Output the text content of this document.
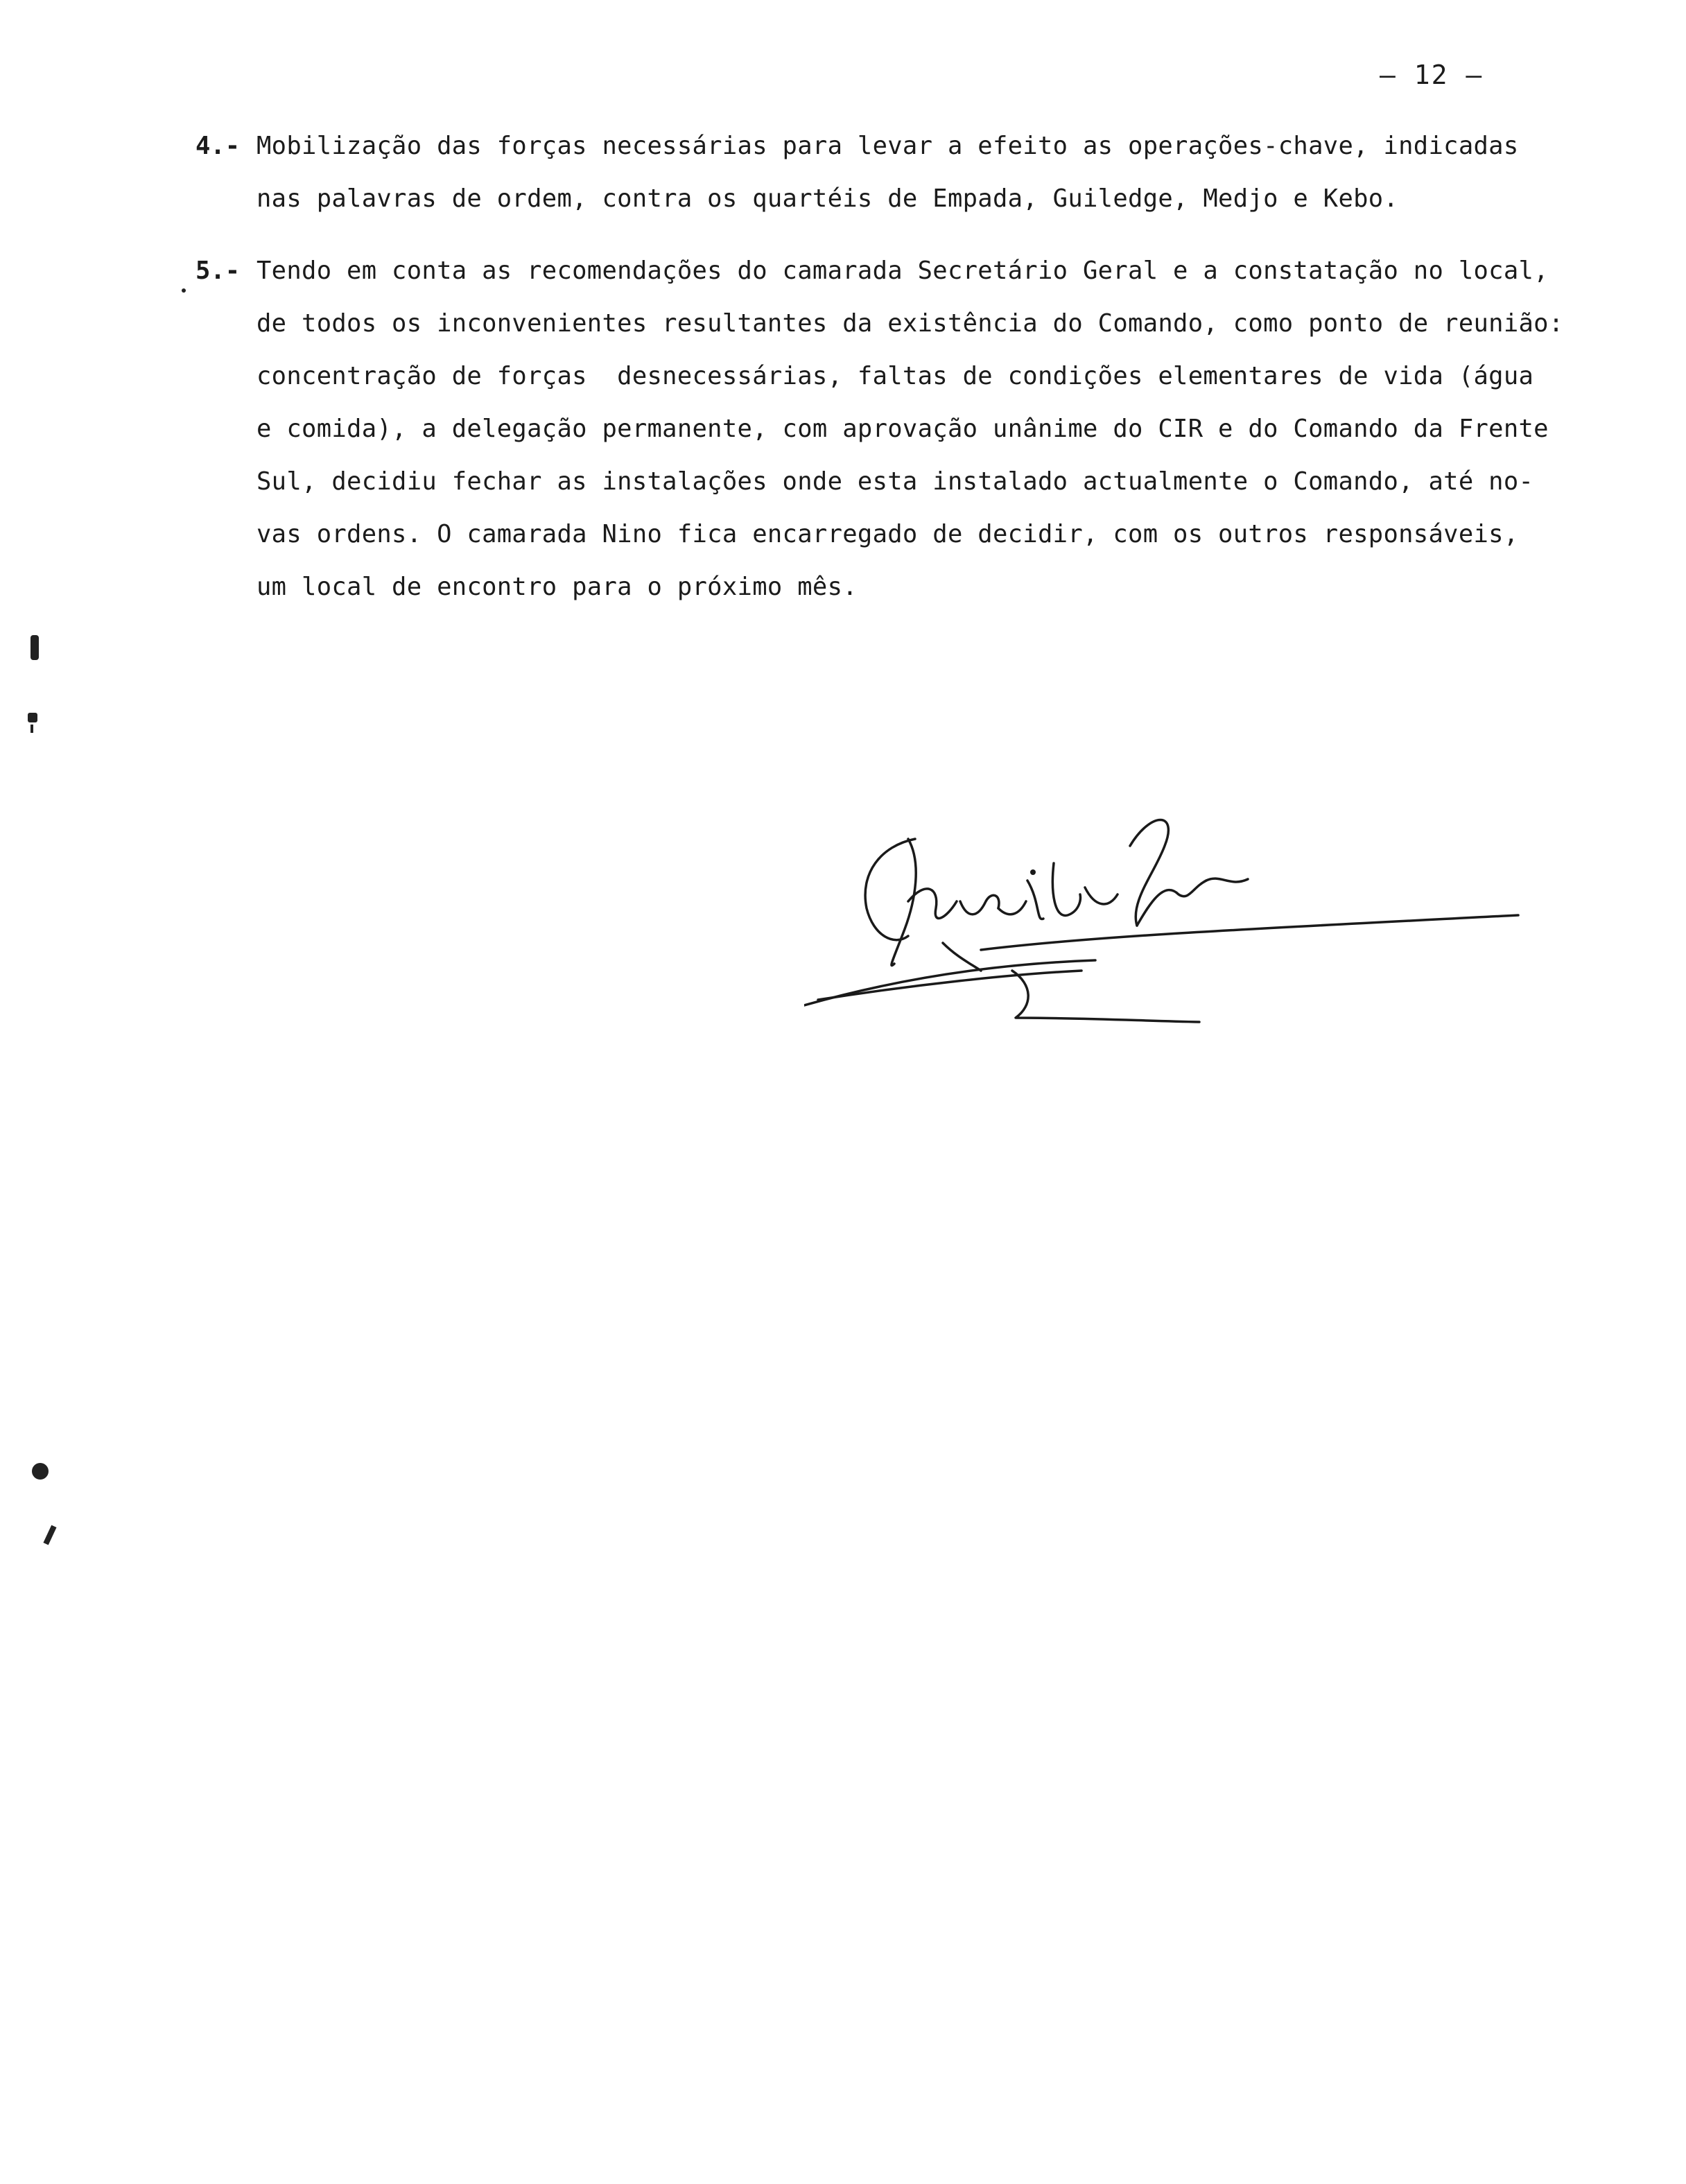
— 12 —
4.- Mobilização das forças necessárias para levar a efeito as operações-chave, indicadas
nas palavras de ordem, contra os quartéis de Empada, Guiledge, Medjo e Kebo.
5.- Tendo em conta as recomendações do camarada Secretário Geral e a constatação no local,
de todos os inconvenientes resultantes da existência do Comando, como ponto de reunião:
concentração de forças  desnecessárias, faltas de condições elementares de vida (água
e comida), a delegação permanente, com aprovação unânime do CIR e do Comando da Frente
Sul, decidiu fechar as instalações onde esta instalado actualmente o Comando, até no-
vas ordens. O camarada Nino fica encarregado de decidir, com os outros responsáveis,
um local de encontro para o próximo mês.
